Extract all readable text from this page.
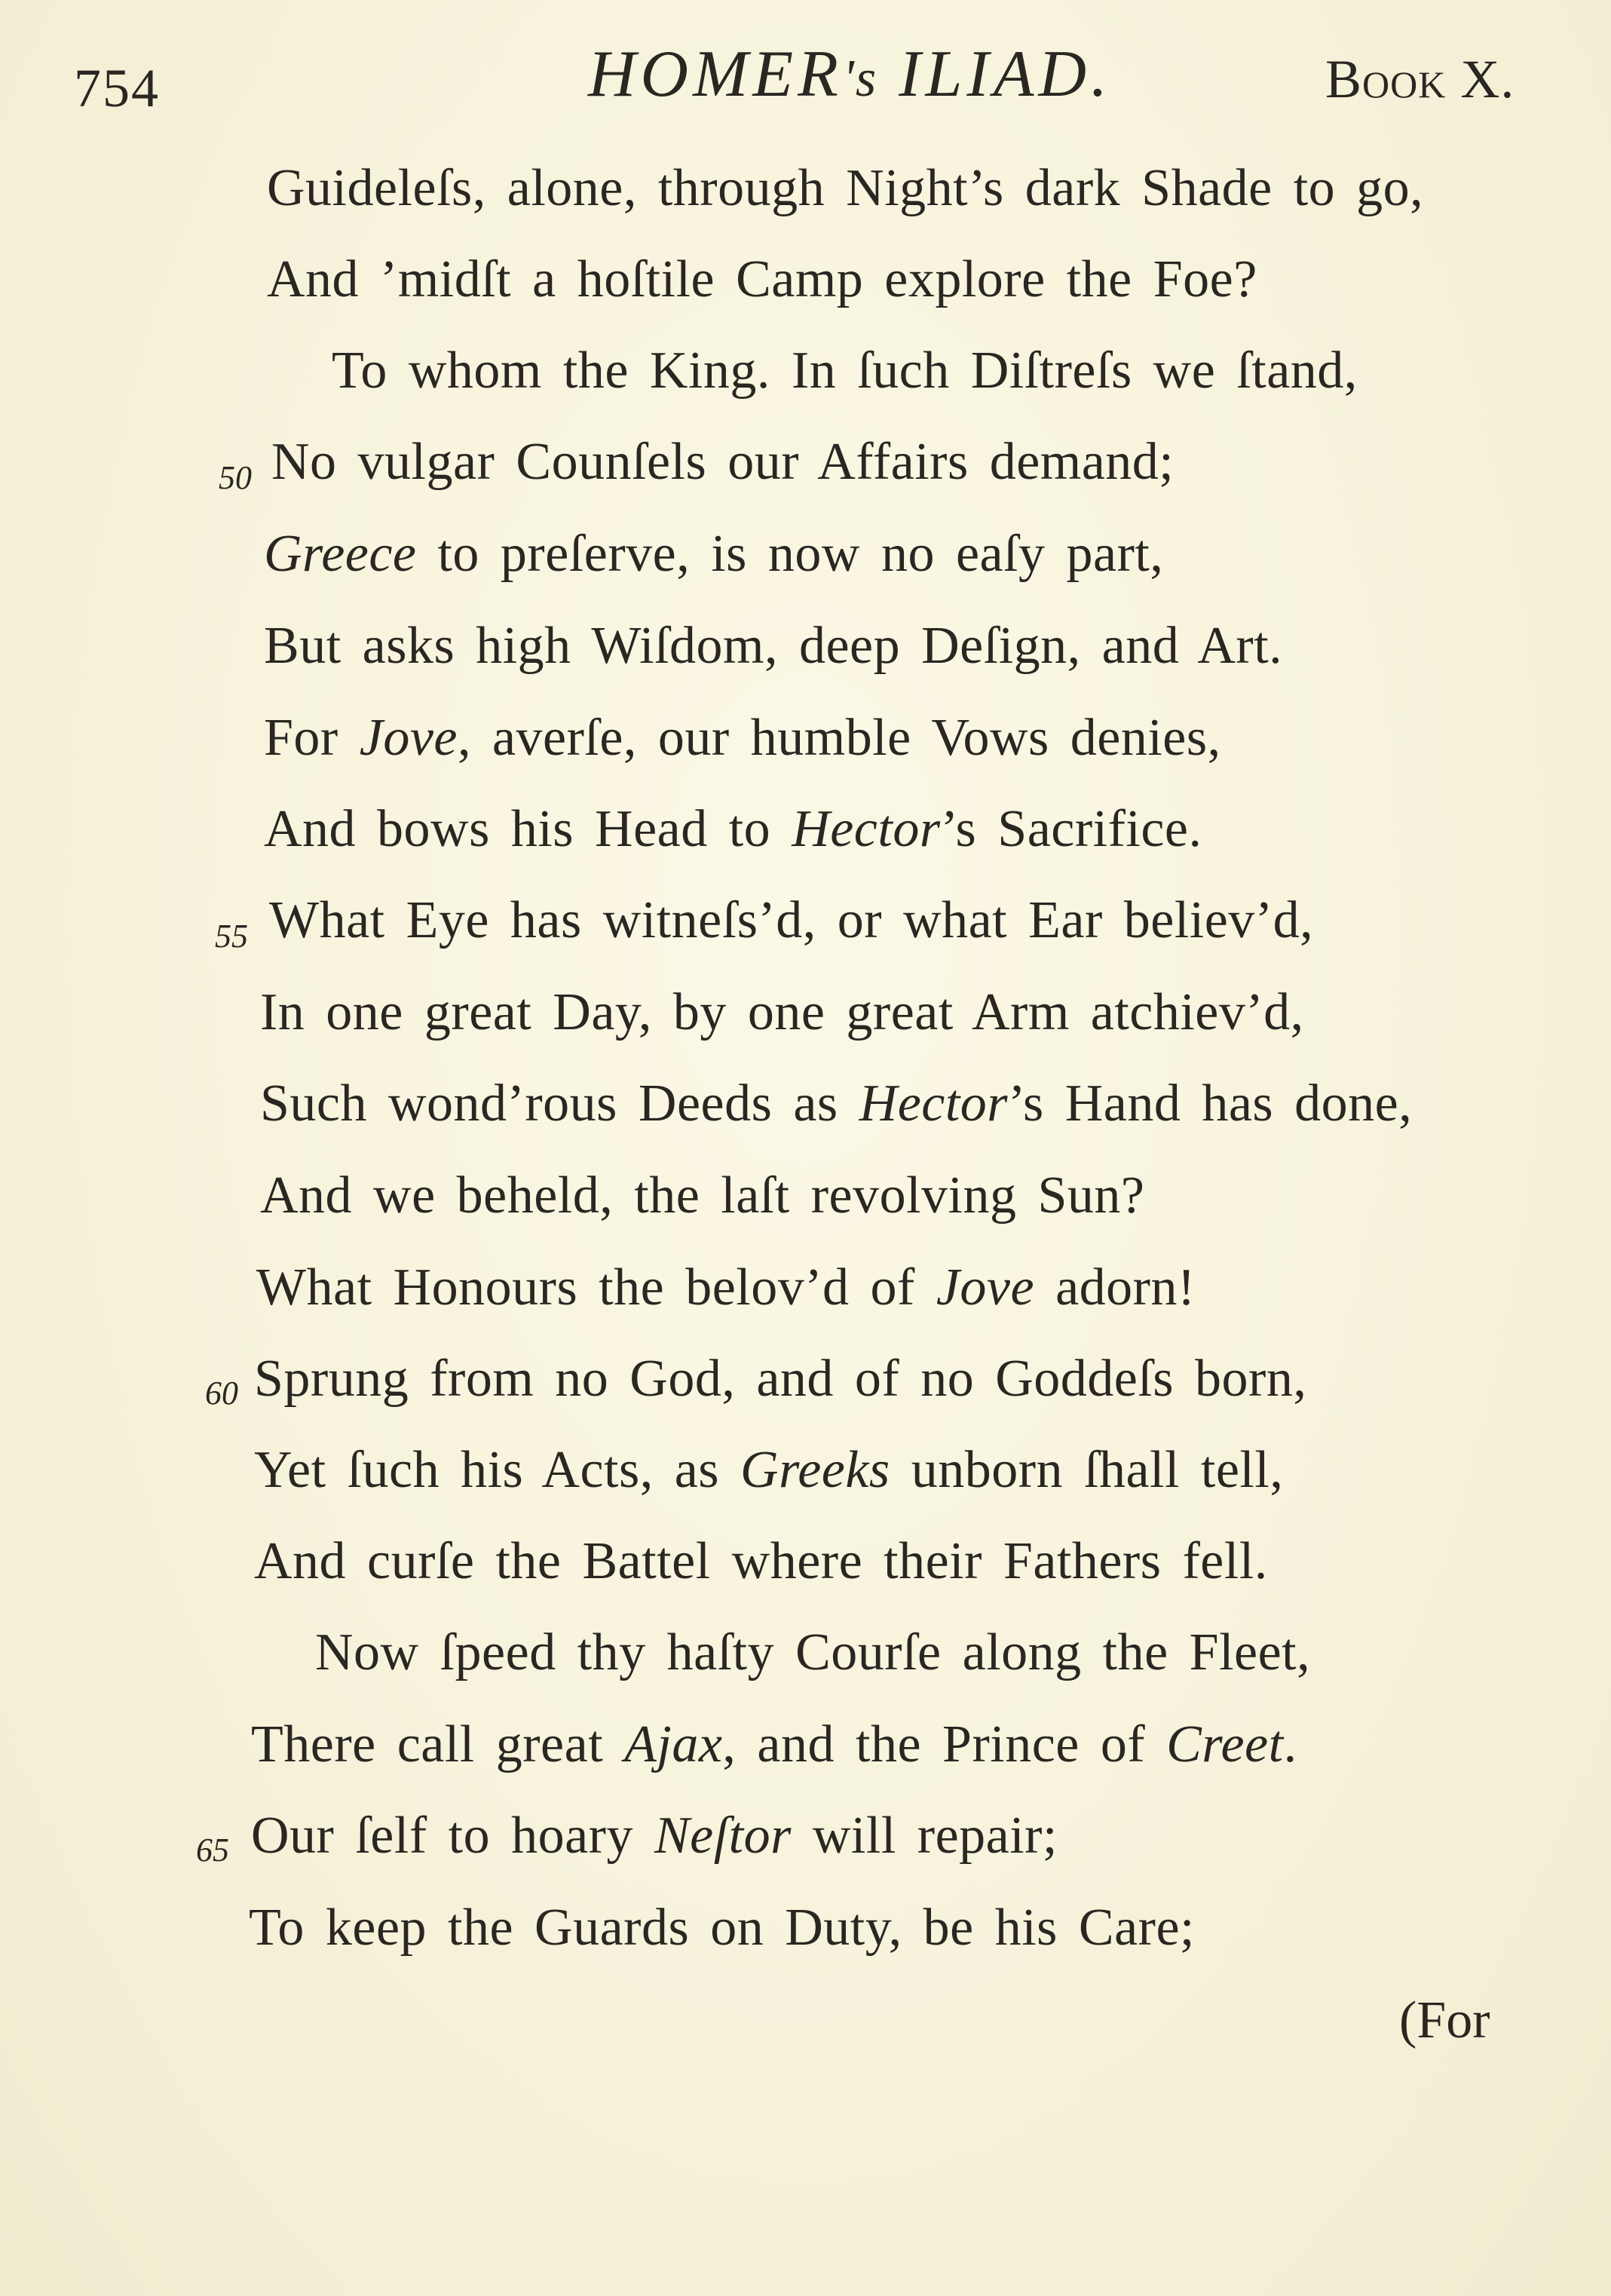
754	HOMER's ILIAD.	Book X.
Guideleſs, alone, through Night’s dark Shade to go,
And ’midſt a hoſtile Camp explore the Foe?
To whom the King. In ſuch Diſtreſs we ſtand,
50 No vulgar Counſels our Affairs demand;
Greece to preſerve, is now no eaſy part,
But asks high Wiſdom, deep Deſign, and Art.
For Jove, averſe, our humble Vows denies,
And bows his Head to Hector’s Sacrifice.
55 What Eye has witneſs’d, or what Ear believ’d,
In one great Day, by one great Arm atchiev’d,
Such wond’rous Deeds as Hector’s Hand has done,
And we beheld, the laſt revolving Sun?
What Honours the belov’d of Jove adorn!
60 Sprung from no God, and of no Goddeſs born,
Yet ſuch his Acts, as Greeks unborn ſhall tell,
And curſe the Battel where their Fathers fell.
Now ſpeed thy haſty Courſe along the Fleet,
There call great Ajax, and the Prince of Creet.
65 Our ſelf to hoary Neſtor will repair;
To keep the Guards on Duty, be his Care;
(For
